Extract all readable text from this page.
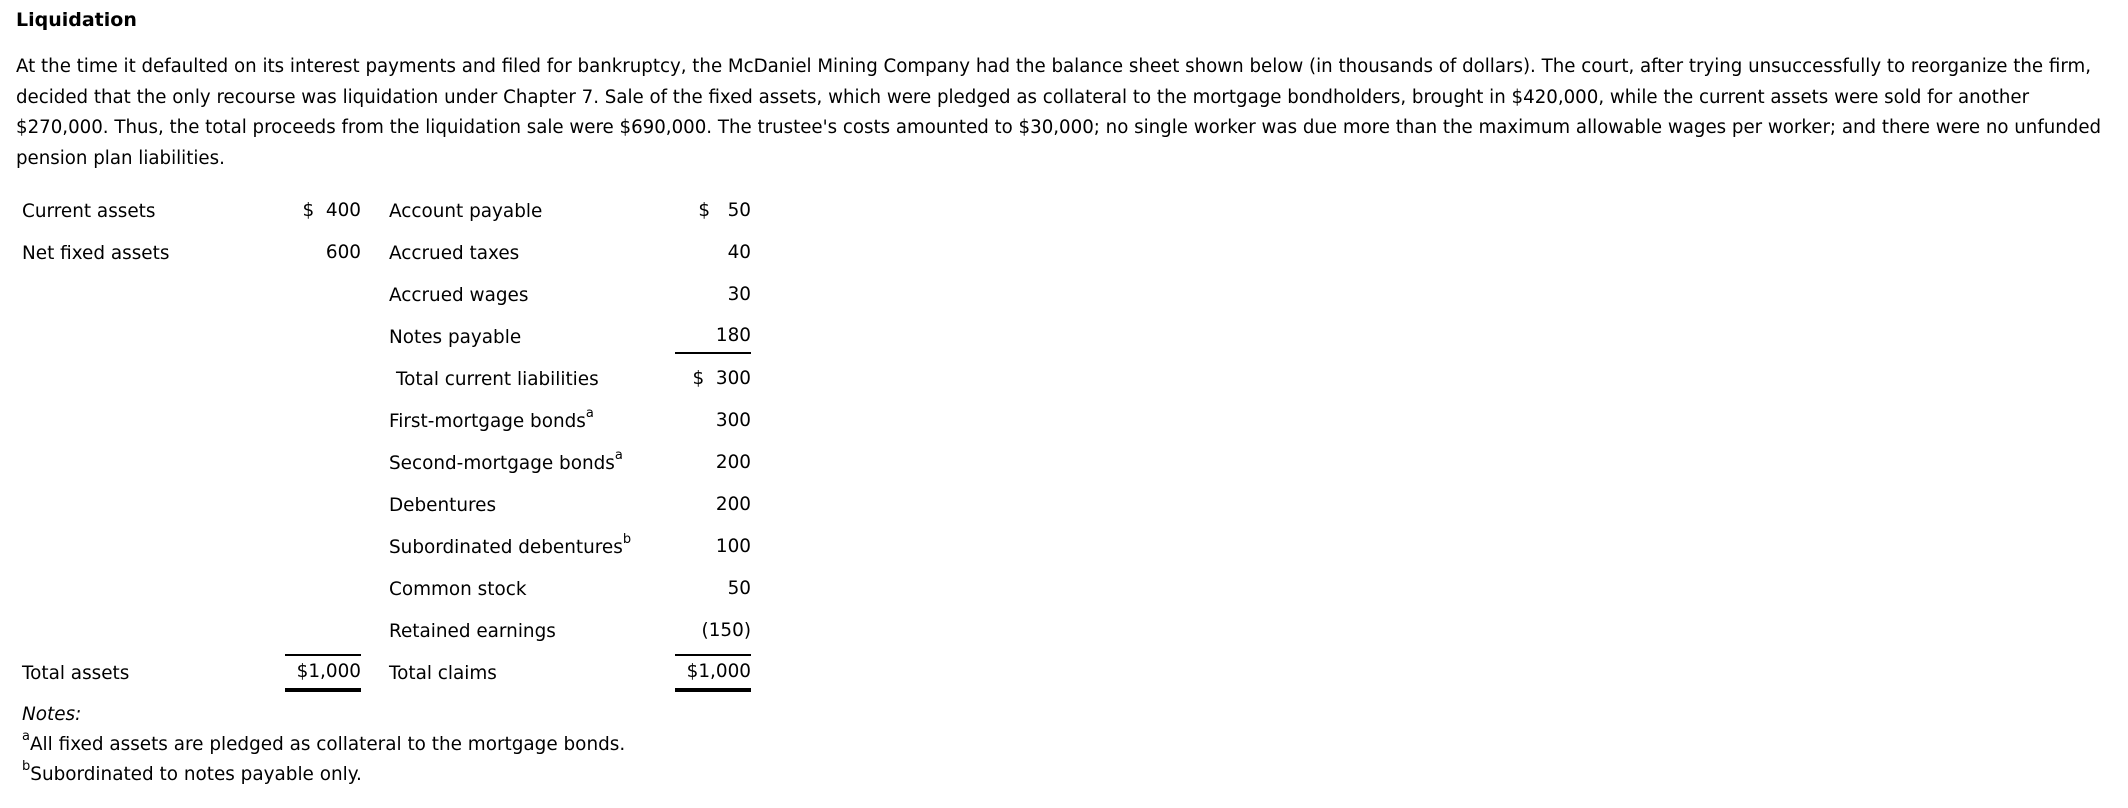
Liquidation

At the time it defaulted on its interest payments and filed for bankruptcy, the McDaniel Mining Company had the balance sheet shown below (in thousands of dollars). The court, after trying unsuccessfully to reorganize the firm, decided that the only recourse was liquidation under Chapter 7. Sale of the fixed assets, which were pledged as collateral to the mortgage bondholders, brought in $420,000, while the current assets were sold for another $270,000. Thus, the total proceeds from the liquidation sale were $690,000. The trustee's costs amounted to $30,000; no single worker was due more than the maximum allowable wages per worker; and there were no unfunded pension plan liabilities.

Current assets	$  400	Account payable	$   50
Net fixed assets	600	Accrued taxes	40
		Accrued wages	30
		Notes payable	180
		Total current liabilities	$  300
		First-mortgage bonds$^a$	300
		Second-mortgage bonds$^a$	200
		Debentures	200
		Subordinated debentures$^b$	100
		Common stock	50
		Retained earnings	(150)
Total assets	$1,000	Total claims	$1,000
Notes:
$^a$All fixed assets are pledged as collateral to the mortgage bonds.
$^b$Subordinated to notes payable only.
